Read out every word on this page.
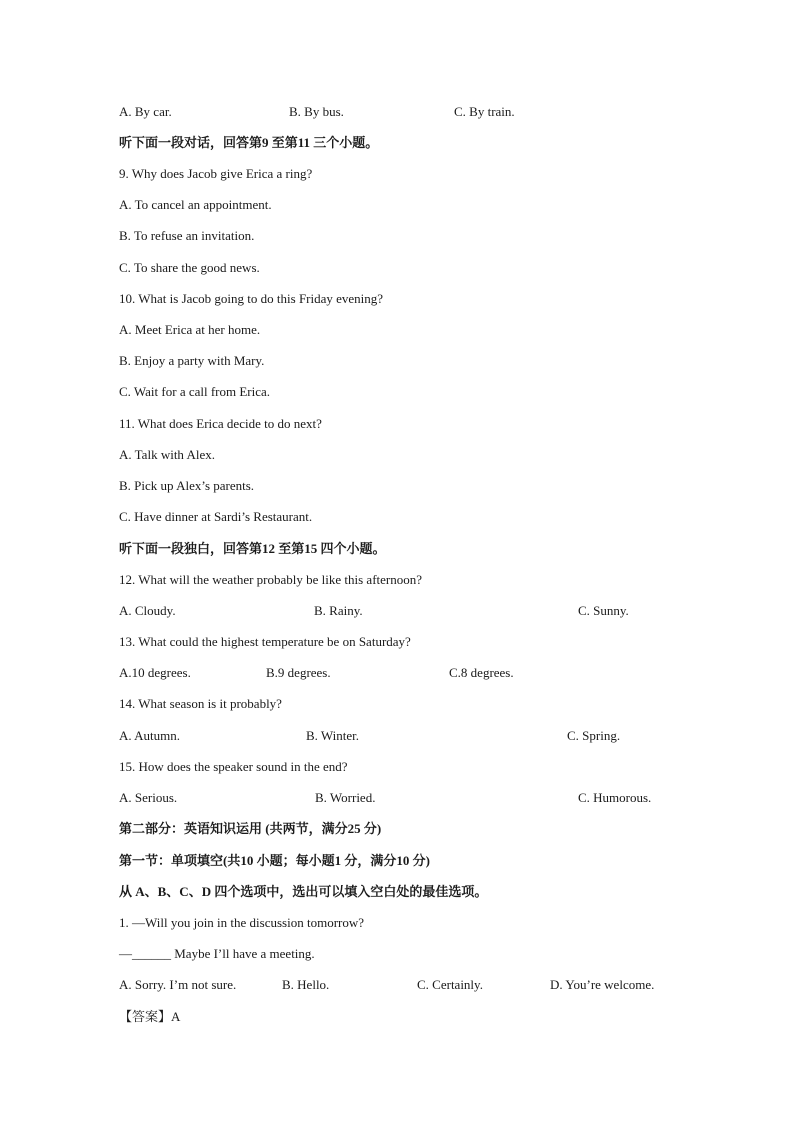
A. By car.	B. By bus.	C. By train.
听下面一段对话，回答第9 至第11 三个小题。
9. Why does Jacob give Erica a ring?
A. To cancel an appointment.
B. To refuse an invitation.
C. To share the good news.
10. What is Jacob going to do this Friday evening?
A. Meet Erica at her home.
B. Enjoy a party with Mary.
C. Wait for a call from Erica.
11. What does Erica decide to do next?
A. Talk with Alex.
B. Pick up Alex’s parents.
C. Have dinner at Sardi’s Restaurant.
听下面一段独白，回答第12 至第15 四个小题。
12. What will the weather probably be like this afternoon?
A. Cloudy.	B. Rainy.	C. Sunny.
13. What could the highest temperature be on Saturday?
A.10 degrees.	B.9 degrees.	C.8 degrees.
14. What season is it probably?
A. Autumn.	B. Winter.	C. Spring.
15. How does the speaker sound in the end?
A. Serious.	B. Worried.	C. Humorous.
第二部分：英语知识运用 (共两节，满分25 分)
第一节：单项填空(共10 小题；每小题1 分，满分10 分)
从 A、B、C、D 四个选项中，选出可以填入空白处的最佳选项。
1. —Will you join in the discussion tomorrow?
—______ Maybe I’ll have a meeting.
A. Sorry. I’m not sure.	B. Hello.	C. Certainly.	D. You’re welcome.
【答案】A
